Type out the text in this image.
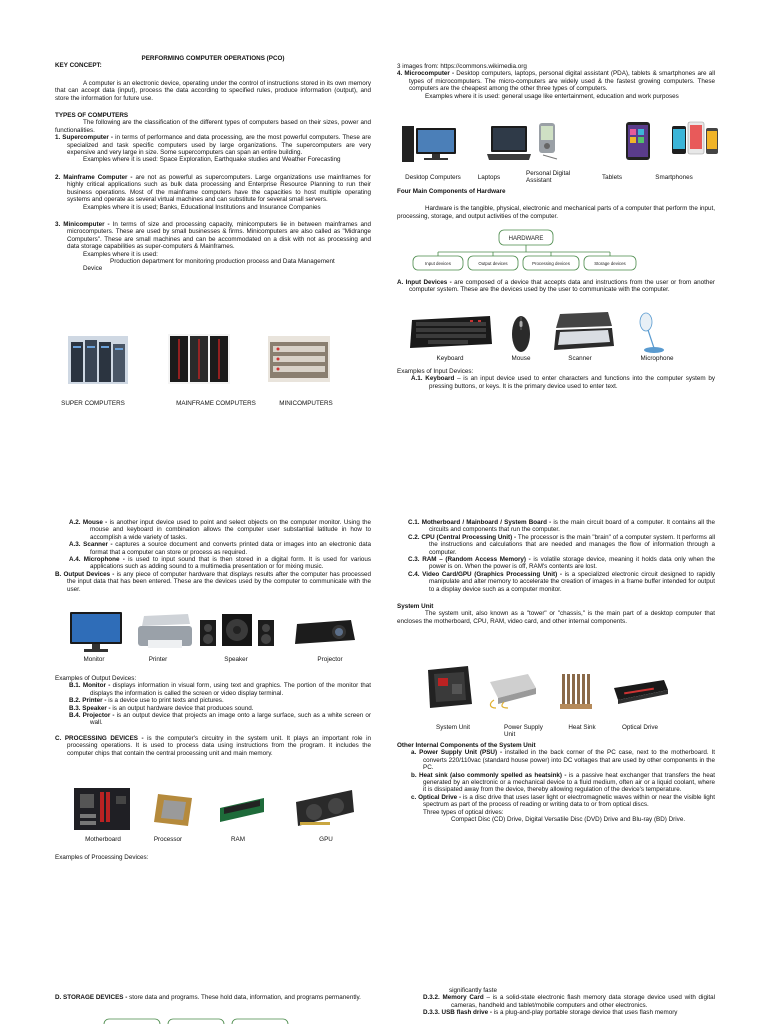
PERFORMING COMPUTER OPERATIONS (PCO)

KEY CONCEPT:

A computer is an electronic device, operating under the control of instructions stored in its own memory that can accept data (input), process the data according to specified rules, produce information (output), and store the information for future use.

TYPES OF COMPUTERS

The following are the classification of the different types of computers based on their sizes, power and functionalities.

1. Supercomputer - in terms of performance and data processing, are the most powerful computers. These are specialized and task specific computers used by large organizations. The supercomputers are very expensive and very large in size. Some supercomputers can span an entire building.

Examples where it is used: Space Exploration, Earthquake studies and Weather Forecasting

2. Mainframe Computer - are not as powerful as supercomputers. Large organizations use mainframes for highly critical applications such as bulk data processing and Enterprise Resource Planning to run their business operations. Most of the mainframe computers have the capacities to host multiple operating systems and operate as several virtual machines and can substitute for several small servers.

Examples where it is used; Banks, Educational Institutions and Insurance Companies

3. Minicomputer - In terms of size and processing capacity, minicomputers lie in between mainframes and microcomputers. These are used by small businesses & firms. Minicomputers are also called as "Midrange Computers". These are small machines and can be accommodated on a disk with not as processing and data storage capabilities as super-computers & Mainframes.

Examples where it is used:

Production department for monitoring production process and Data Management

Device

SUPER COMPUTERS	MAINFRAME COMPUTERS	MINICOMPUTERS

3 images from: https://commons.wikimedia.org

4. Microcomputer - Desktop computers, laptops, personal digital assistant (PDA), tablets & smartphones are all types of microcomputers. The micro-computers are widely used & the fastest growing computers. These computers are the cheapest among the other three types of computers.

Examples where it is used: general usage like entertainment, education and work purposes

Desktop Computers	Laptops
Personal Digital Assistant	Tablets	Smartphones

Four Main Components of Hardware

Hardware is the tangible, physical, electronic and mechanical parts of a computer that perform the input, processing, storage, and output activities of the computer.

HARDWARE
Input devices	Output devices	Processing devices	Storage devices

A. Input Devices - are composed of a device that accepts data and instructions from the user or from another computer system. These are the devices used by the user to communicate with the computer.

Keyboard	Mouse	Scanner	Microphone

Examples of Input Devices:

A.1. Keyboard – is an input device used to enter characters and functions into the computer system by pressing buttons, or keys. It is the primary device used to enter text.

A.2. Mouse - is another input device used to point and select objects on the computer monitor. Using the mouse and keyboard in combination allows the computer user substantial latitude in how to accomplish a wide variety of tasks.

A.3. Scanner - captures a source document and converts printed data or images into an electronic data format that a computer can store or process as required.

A.4. Microphone - is used to input sound that is then stored in a digital form. It is used for various applications such as adding sound to a multimedia presentation or for mixing music.

B. Output Devices - is any piece of computer hardware that displays results after the computer has processed the input data that has been entered. These are the devices used by the computer to communicate with the user.

Monitor	Printer	Speaker	Projector

Examples of Output Devices:

B.1. Monitor - displays information in visual form, using text and graphics. The portion of the monitor that displays the information is called the screen or video display terminal.

B.2. Printer - is a device use to print texts and pictures.

B.3. Speaker - is an output hardware device that produces sound.

B.4. Projector - is an output device that projects an image onto a large surface, such as a white screen or wall.

C. PROCESSING DEVICES - is the computer's circuitry in the system unit. It plays an important role in processing operations. It is used to process data using instructions from the program. It includes the computer chips that contain the central processing unit and main memory.

Motherboard	Processor	RAM	GPU
Examples of Processing Devices:

C.1. Motherboard / Mainboard / System Board - is the main circuit board of a computer. It contains all the circuits and components that run the computer.

C.2. CPU (Central Processing Unit) - The processor is the main "brain" of a computer system. It performs all the instructions and calculations that are needed and manages the flow of information through a computer.

C.3. RAM – (Random Access Memory) - is volatile storage device, meaning it holds data only when the power is on. When the power is off, RAM's contents are lost.

C.4. Video Card/GPU (Graphics Processing Unit) - is a specialized electronic circuit designed to rapidly manipulate and alter memory to accelerate the creation of images in a frame buffer intended for output to a display device such as a computer monitor.

System Unit

The system unit, also known as a "tower" or "chassis," is the main part of a desktop computer that encloses the motherboard, CPU, RAM, video card, and other internal components.

System Unit	Power Supply Unit
Heat Sink	Optical Drive

Other Internal Components of the System Unit

a. Power Supply Unit (PSU) - installed in the back corner of the PC case, next to the motherboard. It converts 220/110vac (standard house power) into DC voltages that are used by other components in the PC.

b. Heat sink (also commonly spelled as heatsink) - is a passive heat exchanger that transfers the heat generated by an electronic or a mechanical device to a fluid medium, often air or a liquid coolant, where it is dissipated away from the device, thereby allowing regulation of the device's temperature.

c. Optical Drive - is a disc drive that uses laser light or electromagnetic waves within or near the visible light spectrum as part of the process of reading or writing data to or from optical discs.

Three types of optical drives:

Compact Disc (CD) Drive, Digital Versatile Disc (DVD) Drive and Blu-ray (BD) Drive.

D. STORAGE DEVICES - store data and programs. These hold data, information, and programs permanently.

significantly faste

D.3.2. Memory Card – is a solid-state electronic flash memory data storage device used with digital cameras, handheld and tablet/mobile computers and other electronics.

D.3.3. USB flash drive - is a plug-and-play portable storage device that uses flash memory
